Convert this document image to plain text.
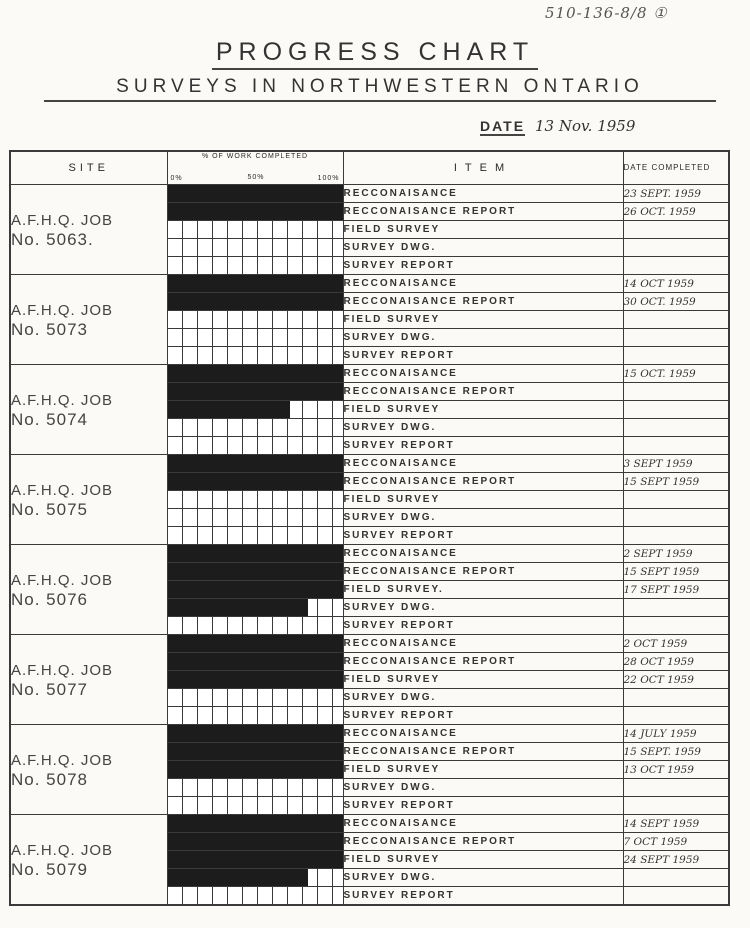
510-136-8/8 ①
PROGRESS CHART
SURVEYS IN NORTHWESTERN ONTARIO
DATE 13 Nov. 1959
SITE	% OF WORK COMPLETED
0% 50% 100%	ITEM	DATE COMPLETED

A.F.H.Q. JOB
No. 5063.		RECCONAISANCE	23 SEPT. 1959

		RECCONAISANCE REPORT	26 OCT. 1959

		FIELD SURVEY	

		SURVEY DWG.	

		SURVEY REPORT	

A.F.H.Q. JOB
No. 5073		RECCONAISANCE	14 OCT 1959

		RECCONAISANCE REPORT	30 OCT. 1959

		FIELD SURVEY	

		SURVEY DWG.	

		SURVEY REPORT	

A.F.H.Q. JOB
No. 5074		RECCONAISANCE	15 OCT. 1959

		RECCONAISANCE REPORT	

		FIELD SURVEY	

		SURVEY DWG.	

		SURVEY REPORT	

A.F.H.Q. JOB
No. 5075		RECCONAISANCE	3 SEPT 1959

		RECCONAISANCE REPORT	15 SEPT 1959

		FIELD SURVEY	

		SURVEY DWG.	

		SURVEY REPORT	

A.F.H.Q. JOB
No. 5076		RECCONAISANCE	2 SEPT 1959

		RECCONAISANCE REPORT	15 SEPT 1959

		FIELD SURVEY.	17 SEPT 1959

		SURVEY DWG.	

		SURVEY REPORT	

A.F.H.Q. JOB
No. 5077		RECCONAISANCE	2 OCT 1959

		RECCONAISANCE REPORT	28 OCT 1959

		FIELD SURVEY	22 OCT 1959

		SURVEY DWG.	

		SURVEY REPORT	

A.F.H.Q. JOB
No. 5078		RECCONAISANCE	14 JULY 1959

		RECCONAISANCE REPORT	15 SEPT. 1959

		FIELD SURVEY	13 OCT 1959

		SURVEY DWG.	

		SURVEY REPORT	

A.F.H.Q. JOB
No. 5079		RECCONAISANCE	14 SEPT 1959

		RECCONAISANCE REPORT	7 OCT 1959

		FIELD SURVEY	24 SEPT 1959

		SURVEY DWG.	

		SURVEY REPORT	
